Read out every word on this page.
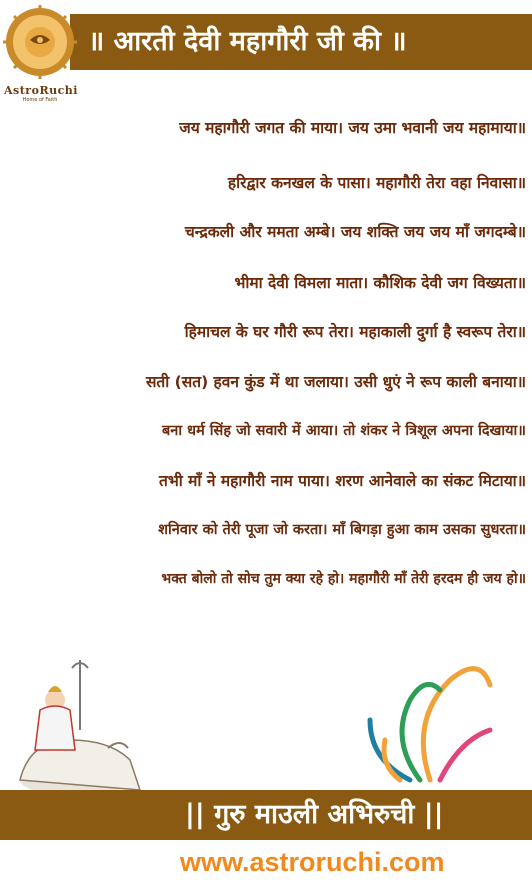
॥ आरती देवी महागौरी जी की ॥
AstroRuchi
Home of Faith
जय महागौरी जगत की माया। जय उमा भवानी जय महामाया॥
हरिद्वार कनखल के पासा। महागौरी तेरा वहा निवासा॥
चन्द्रकली और ममता अम्बे। जय शक्ति जय जय माँ जगदम्बे॥
भीमा देवी विमला माता। कौशिक देवी जग विख्यता॥
हिमाचल के घर गौरी रूप तेरा। महाकाली दुर्गा है स्वरूप तेरा॥
सती (सत) हवन कुंड में था जलाया। उसी धुएं ने रूप काली बनाया॥
बना धर्म सिंह जो सवारी में आया। तो शंकर ने त्रिशूल अपना दिखाया॥
तभी माँ ने महागौरी नाम पाया। शरण आनेवाले का संकट मिटाया॥
शनिवार को तेरी पूजा जो करता। माँ बिगड़ा हुआ काम उसका सुधरता॥
भक्त बोलो तो सोच तुम क्या रहे हो। महागौरी माँ तेरी हरदम ही जय हो॥
|| गुरु माउली अभिरुची ||
www.astroruchi.com
